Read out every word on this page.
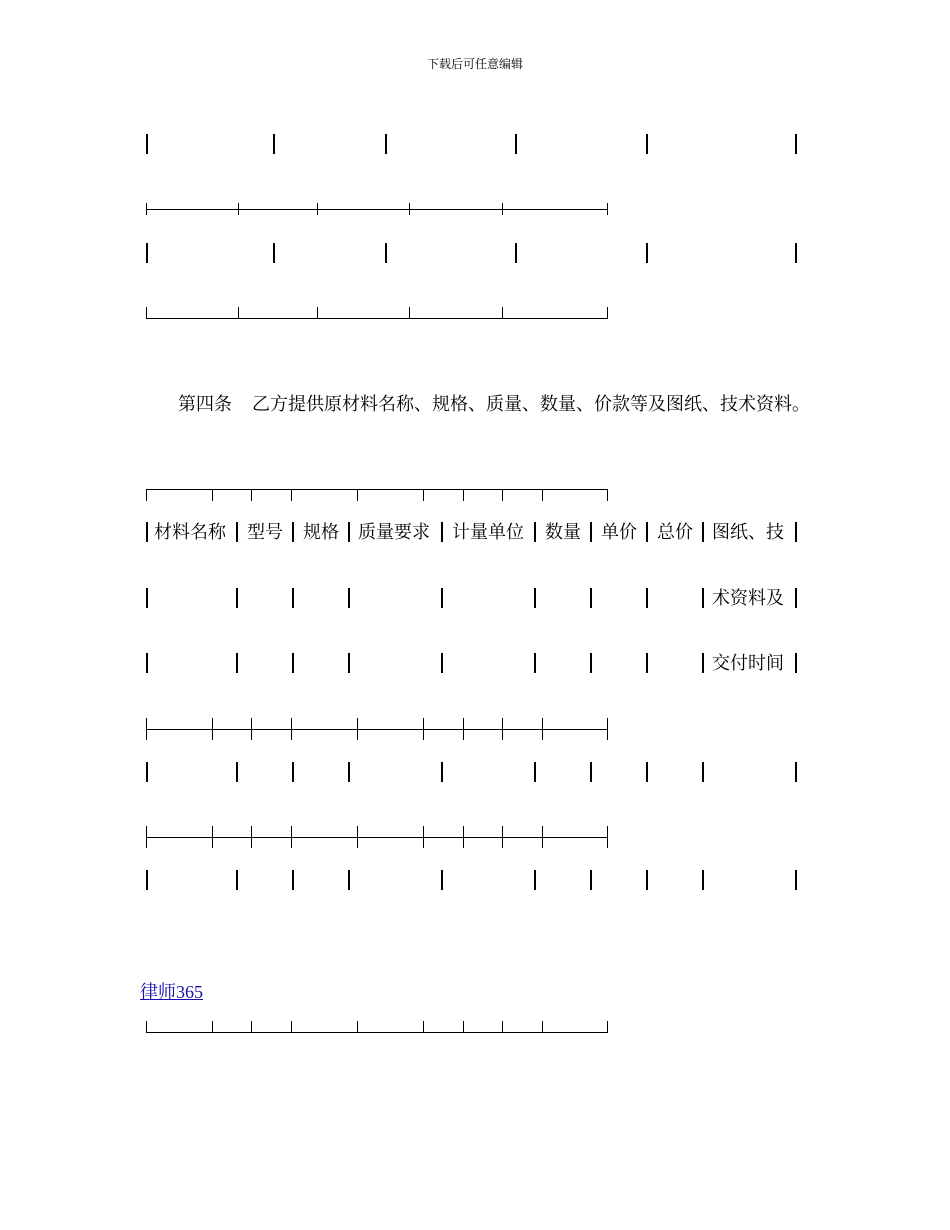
下载后可任意编辑
第四条 乙方提供原材料名称、规格、质量、数量、价款等及图纸、技术资料。
材料名称 型号 规格 质量要求 计量单位 数量 单价 总价 图纸、技
术资料及
交付时间
律师365
